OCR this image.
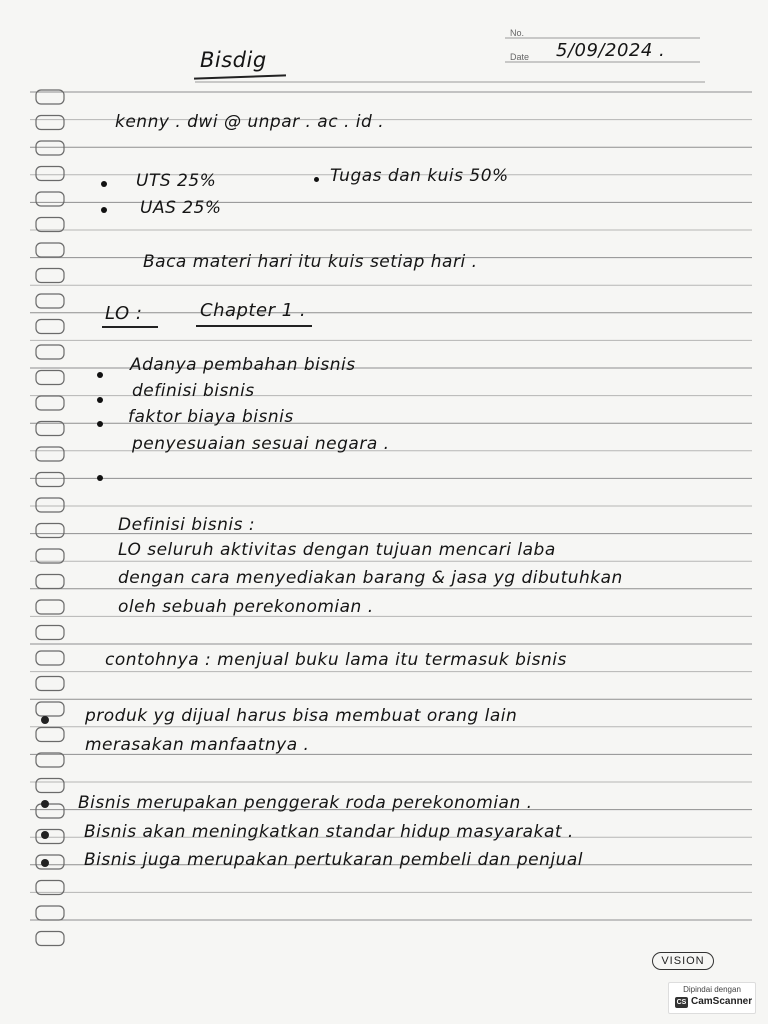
No.
Date 5/09/2024 .
Bisdig
kenny . dwi @ unpar . ac . id .
UTS 25%	Tugas dan kuis 50%
UAS 25%
Baca materi hari itu kuis setiap hari .
LO :	Chapter 1 .
Adanya pembahan bisnis
definisi bisnis
faktor biaya bisnis
penyesuaian sesuai negara .
Definisi bisnis :
LO seluruh aktivitas dengan tujuan mencari laba
dengan cara menyediakan barang & jasa yg dibutuhkan
oleh sebuah perekonomian .
contohnya : menjual buku lama itu termasuk bisnis
produk yg dijual harus bisa membuat orang lain
merasakan manfaatnya .
Bisnis merupakan penggerak roda perekonomian .
Bisnis akan meningkatkan standar hidup masyarakat .
Bisnis juga merupakan pertukaran pembeli dan penjual
VISION
Dipindai dengan
CS CamScanner
